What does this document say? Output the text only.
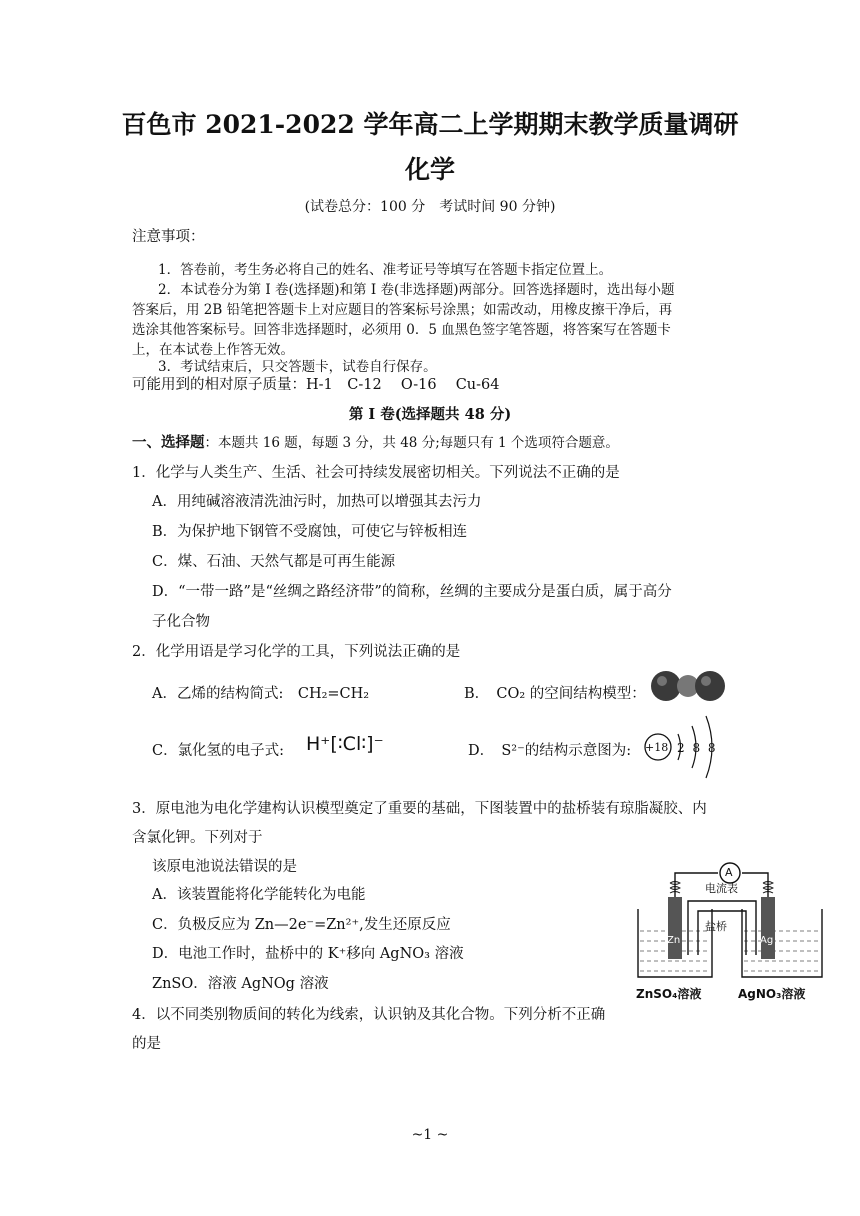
百色市 2021-2022 学年高二上学期期末教学质量调研
化学
(试卷总分：100 分　考试时间 90 分钟)
注意事项：
1．答卷前，考生务必将自己的姓名、准考证号等填写在答题卡指定位置上。
2．本试卷分为第 I 卷(选择题)和第 I 卷(非选择题)两部分。回答选择题时，选出每小题
答案后，用 2B 铅笔把答题卡上对应题目的答案标号涂黑；如需改动，用橡皮擦干净后，再
选涂其他答案标号。回答非选择题时，必须用 0．5 血黑色签字笔答题，将答案写在答题卡
上，在本试卷上作答无效。
3．考试结束后，只交答题卡，试卷自行保存。
可能用到的相对原子质量：H-1　C-12　 O-16　 Cu-64
第 I 卷(选择题共 48 分)
一、选择题：本题共 16 题，每题 3 分，共 48 分;每题只有 1 个选项符合题意。
1．化学与人类生产、生活、社会可持续发展密切相关。下列说法不正确的是
A．用纯碱溶液清洗油污时，加热可以增强其去污力
B．为保护地下钢管不受腐蚀，可使它与锌板相连
C．煤、石油、天然气都是可再生能源
D．“一带一路”是“丝绸之路经济带”的简称，丝绸的主要成分是蛋白质，属于高分
子化合物
2．化学用语是学习化学的工具，下列说法正确的是
A．乙烯的结构简式:　CH₂=CH₂	B．　CO₂ 的空间结构模型：
C．氯化氢的电子式: H⁺[∶Cl∶]⁻	D．　S²⁻的结构示意图为: +18 2 8 8
3．原电池为电化学建构认识模型奠定了重要的基础，下图装置中的盐桥装有琼脂凝胶、内
含氯化钾。下列对于
该原电池说法错误的是
A．该装置能将化学能转化为电能
C．负极反应为 Zn—2e⁻=Zn²⁺,发生还原反应
D．电池工作时，盐桥中的 K⁺移向 AgNO₃ 溶液
ZnSO．溶液 AgNOg 溶液
A
电流表
盐桥
Zn	Ag
ZnSO₄溶液	AgNO₃溶液
4．以不同类别物质间的转化为线索，认识钠及其化合物。下列分析不正确
的是
~1 ~
